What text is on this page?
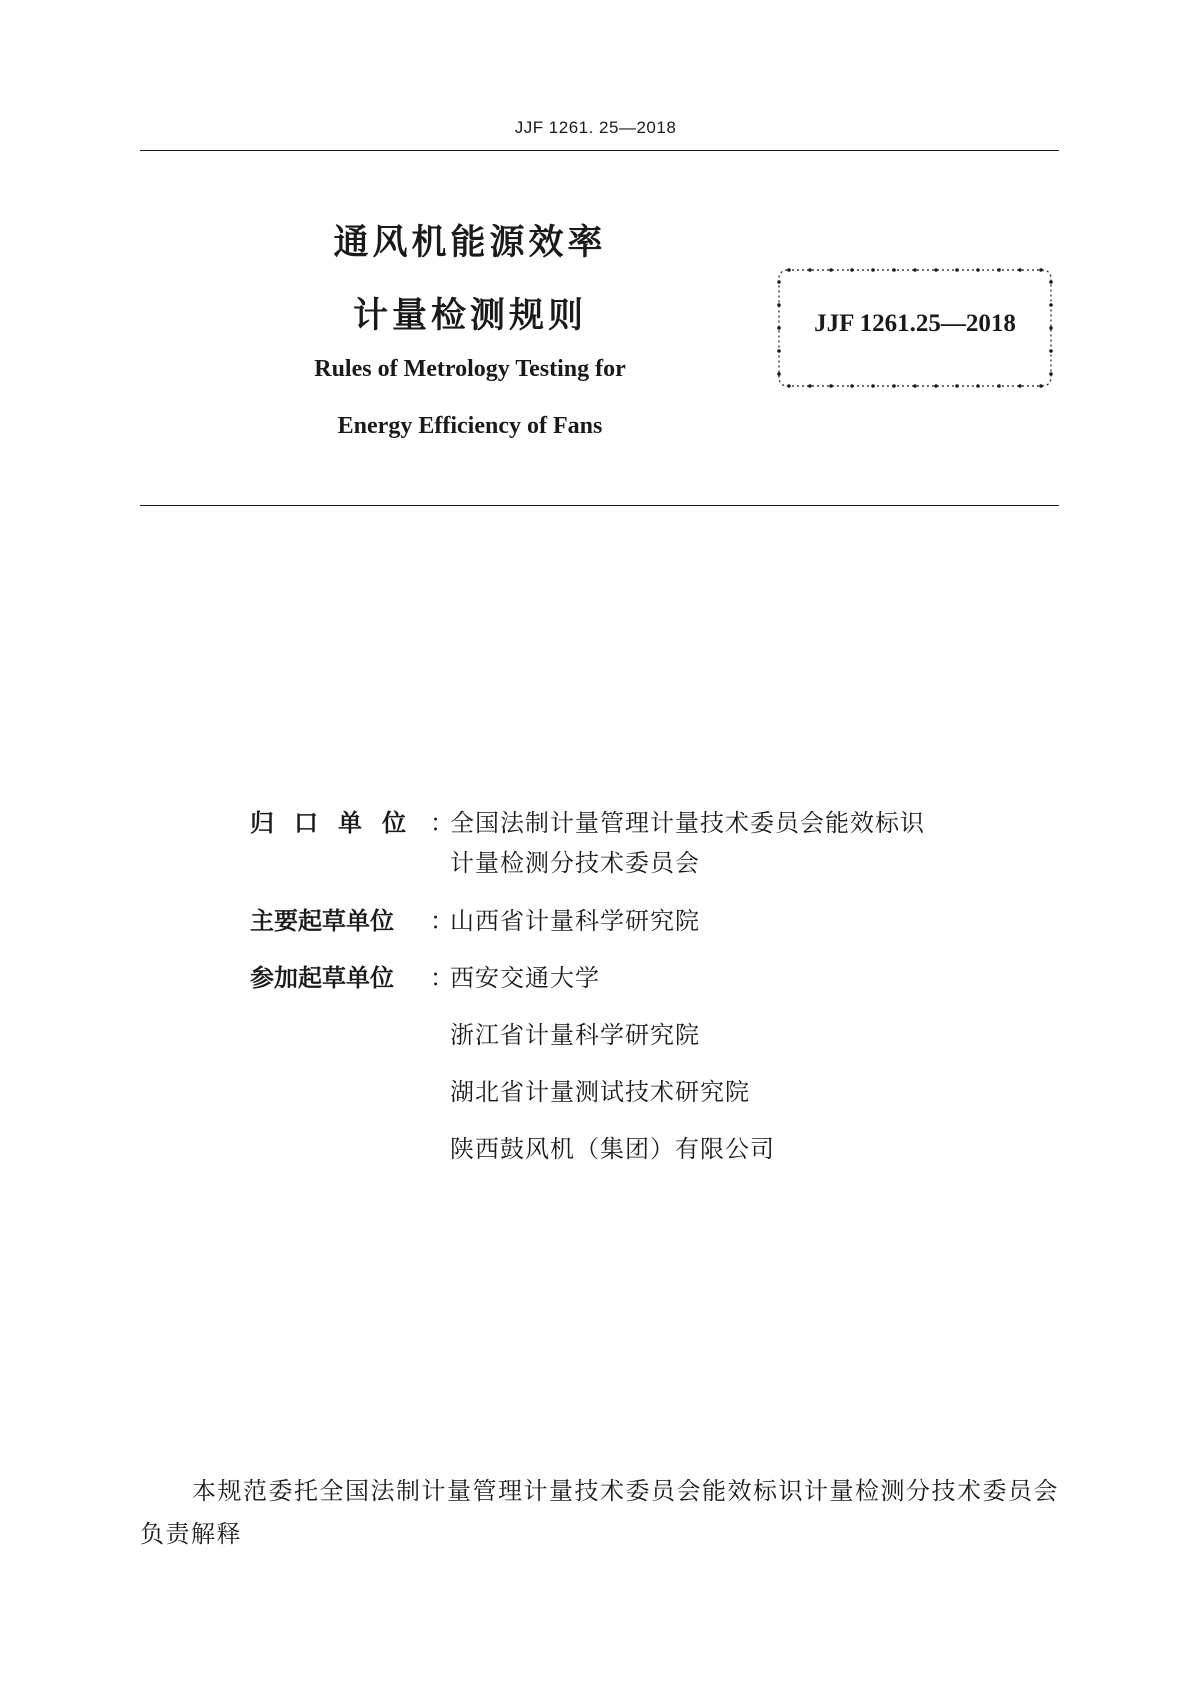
JJF 1261. 25—2018
通风机能源效率
计量检测规则
Rules of Metrology Testing for
Energy Efficiency of Fans
JJF 1261.25—2018
归口单位 ：
全国法制计量管理计量技术委员会能效标识
计量检测分技术委员会
主要起草单位	：
山西省计量科学研究院
参加起草单位	：
西安交通大学
浙江省计量科学研究院
湖北省计量测试技术研究院
陕西鼓风机（集团）有限公司
本规范委托全国法制计量管理计量技术委员会能效标识计量检测分技术委员会负责解释
